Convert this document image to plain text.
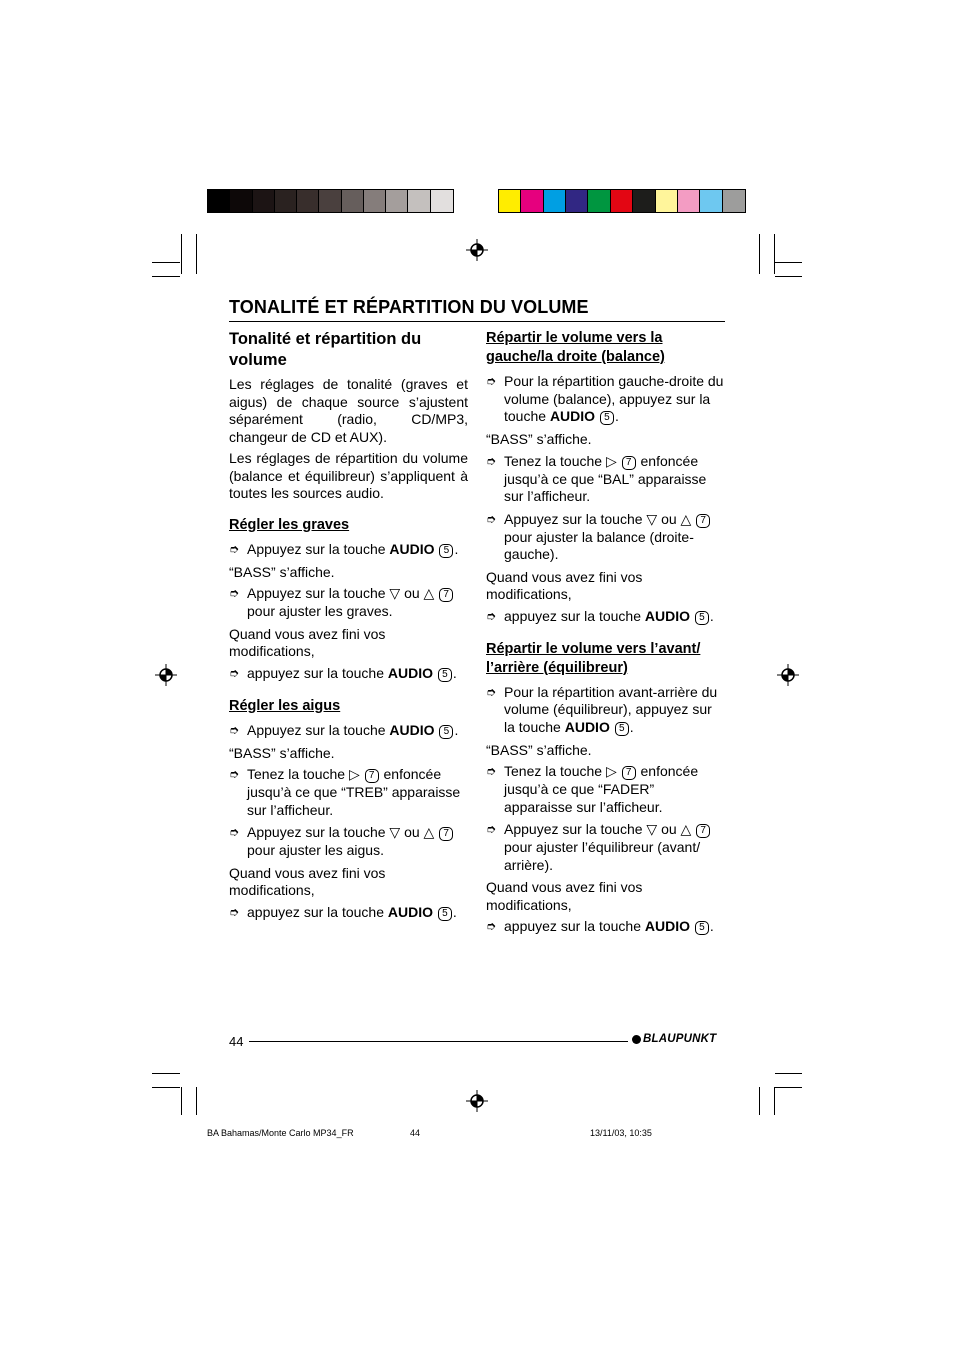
TONALITÉ ET RÉPARTITION DU VOLUME
Tonalité et répartition du volume
Les réglages de tonalité (graves et aigus) de chaque source s’ajustent séparément (radio, CD/MP3, changeur de CD et AUX).
Les réglages de répartition du volume (balance et équilibreur) s’appliquent à toutes les sources audio.
Régler les graves
➮ Appuyez sur la touche AUDIO 5 .
“BASS” s’affiche.
➮ Appuyez sur la touche ▽ ou △ 7 pour ajuster les graves.
Quand vous avez fini vos modifications,
➮ appuyez sur la touche AUDIO 5 .
Régler les aigus
➮ Appuyez sur la touche AUDIO 5 .
“BASS” s’affiche.
➮ Tenez la touche ▷ 7 enfoncée jusqu’à ce que “TREB” apparaisse sur l’afficheur.
➮ Appuyez sur la touche ▽ ou △ 7 pour ajuster les aigus.
Quand vous avez fini vos modifications,
➮ appuyez sur la touche AUDIO 5 .
Répartir le volume vers la gauche/la droite (balance)
➮ Pour la répartition gauche-droite du volume (balance), appuyez sur la touche AUDIO 5 .
“BASS” s’affiche.
➮ Tenez la touche ▷ 7 enfoncée jusqu’à ce que “BAL” apparaisse sur l’afficheur.
➮ Appuyez sur la touche ▽ ou △ 7 pour ajuster la balance (droite-gauche).
Quand vous avez fini vos modifications,
➮ appuyez sur la touche AUDIO 5 .
Répartir le volume vers l’avant/ l’arrière (équilibreur)
➮ Pour la répartition avant-arrière du volume (équilibreur), appuyez sur la touche AUDIO 5 .
“BASS” s’affiche.
➮ Tenez la touche ▷ 7 enfoncée jusqu’à ce que “FADER” apparaisse sur l’afficheur.
➮ Appuyez sur la touche ▽ ou △ 7 pour ajuster l’équilibreur (avant/ arrière).
Quand vous avez fini vos modifications,
➮ appuyez sur la touche AUDIO 5 .
44	BLAUPUNKT
BA Bahamas/Monte Carlo MP34_FR	44	13/11/03, 10:35
